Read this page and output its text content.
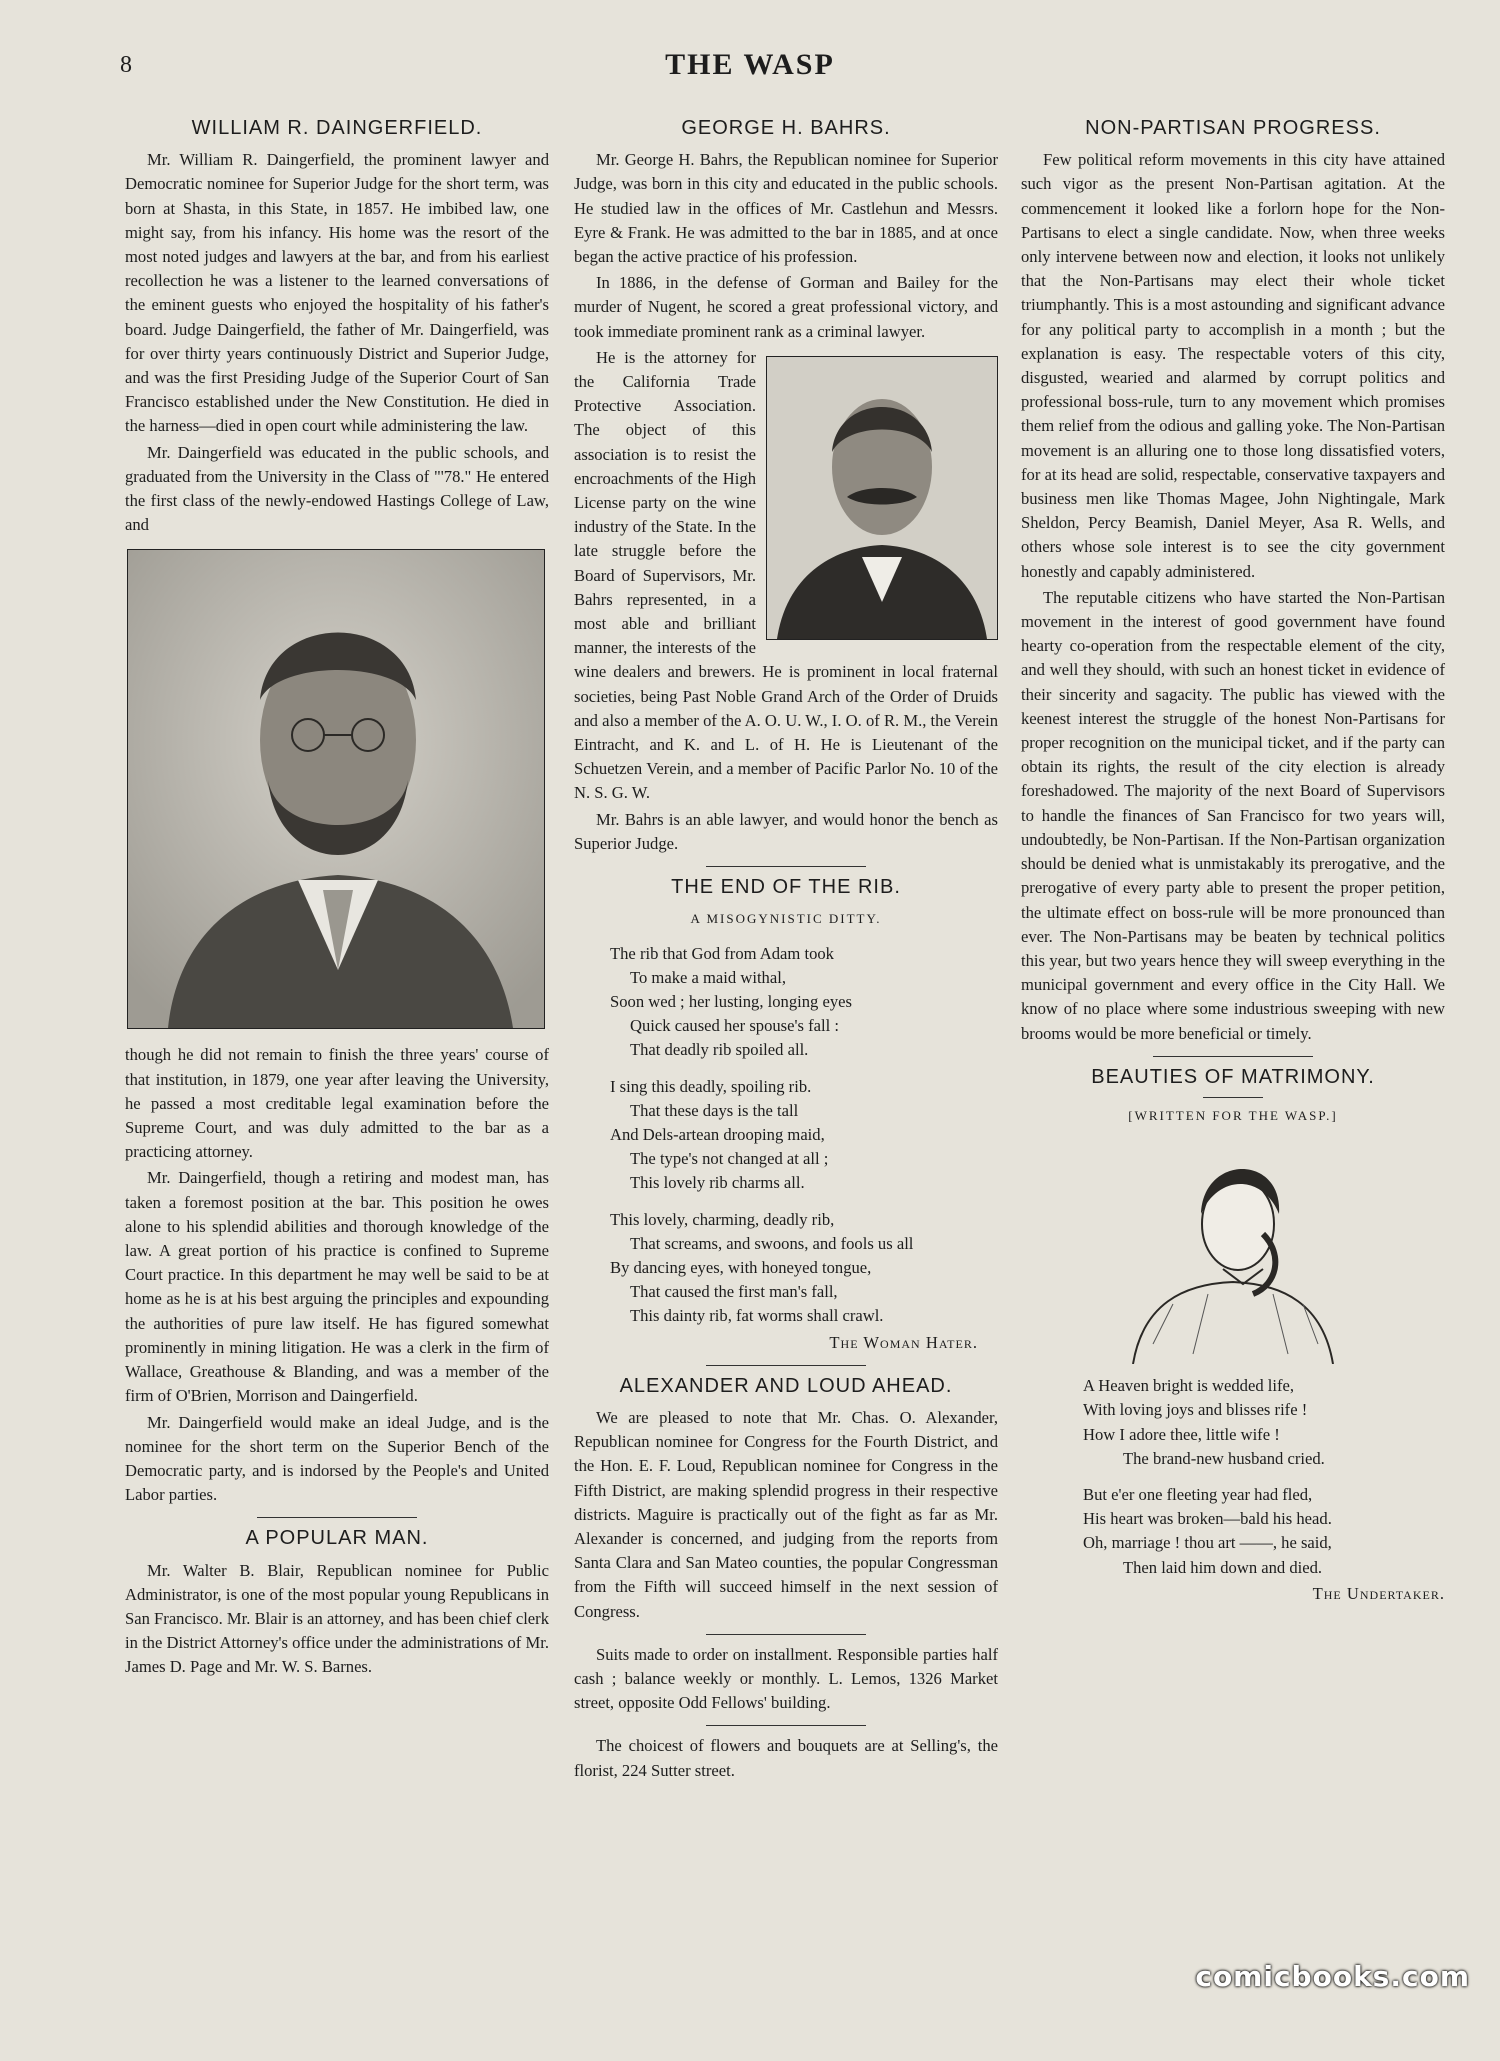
8	THE WASP
WILLIAM R. DAINGERFIELD.

Mr. William R. Daingerfield, the prominent lawyer and Democratic nominee for Superior Judge for the short term, was born at Shasta, in this State, in 1857. He imbibed law, one might say, from his infancy. His home was the resort of the most noted judges and lawyers at the bar, and from his earliest recollection he was a listener to the learned conversations of the eminent guests who enjoyed the hospitality of his father's board. Judge Daingerfield, the father of Mr. Daingerfield, was for over thirty years continuously District and Superior Judge, and was the first Presiding Judge of the Superior Court of San Francisco established under the New Constitution. He died in the harness—died in open court while administering the law.

Mr. Daingerfield was educated in the public schools, and graduated from the University in the Class of "'78." He entered the first class of the newly-endowed Hastings College of Law, and

though he did not remain to finish the three years' course of that institution, in 1879, one year after leaving the University, he passed a most creditable legal examination before the Supreme Court, and was duly admitted to the bar as a practicing attorney.

Mr. Daingerfield, though a retiring and modest man, has taken a foremost position at the bar. This position he owes alone to his splendid abilities and thorough knowledge of the law. A great portion of his practice is confined to Supreme Court practice. In this department he may well be said to be at home as he is at his best arguing the principles and expounding the authorities of pure law itself. He has figured somewhat prominently in mining litigation. He was a clerk in the firm of Wallace, Greathouse & Blanding, and was a member of the firm of O'Brien, Morrison and Daingerfield.

Mr. Daingerfield would make an ideal Judge, and is the nominee for the short term on the Superior Bench of the Democratic party, and is indorsed by the People's and United Labor parties.

A POPULAR MAN.

Mr. Walter B. Blair, Republican nominee for Public Administrator, is one of the most popular young Republicans in San Francisco. Mr. Blair is an attorney, and has been chief clerk in the District Attorney's office under the administrations of Mr. James D. Page and Mr. W. S. Barnes.

GEORGE H. BAHRS.

Mr. George H. Bahrs, the Republican nominee for Superior Judge, was born in this city and educated in the public schools. He studied law in the offices of Mr. Castlehun and Messrs. Eyre & Frank. He was admitted to the bar in 1885, and at once began the active practice of his profession.

In 1886, in the defense of Gorman and Bailey for the murder of Nugent, he scored a great professional victory, and took immediate prominent rank as a criminal lawyer.

He is the attorney for the California Trade Protective Association. The object of this association is to resist the encroachments of the High License party on the wine industry of the State. In the late struggle before the Board of Supervisors, Mr. Bahrs represented, in a most able and brilliant manner, the interests of the wine dealers and brewers. He is prominent in local fraternal societies, being Past Noble Grand Arch of the Order of Druids and also a member of the A. O. U. W., I. O. of R. M., the Verein Eintracht, and K. and L. of H. He is Lieutenant of the Schuetzen Verein, and a member of Pacific Parlor No. 10 of the N. S. G. W.

Mr. Bahrs is an able lawyer, and would honor the bench as Superior Judge.

THE END OF THE RIB.
A MISOGYNISTIC DITTY.
The rib that God from Adam took
To make a maid withal,
Soon wed ; her lusting, longing eyes
Quick caused her spouse's fall :
That deadly rib spoiled all.
I sing this deadly, spoiling rib.
That these days is the tall
And Dels-artean drooping maid,
The type's not changed at all ;
This lovely rib charms all.
This lovely, charming, deadly rib,
That screams, and swoons, and fools us all
By dancing eyes, with honeyed tongue,
That caused the first man's fall,
This dainty rib, fat worms shall crawl.
The Woman Hater.
ALEXANDER AND LOUD AHEAD.

We are pleased to note that Mr. Chas. O. Alexander, Republican nominee for Congress for the Fourth District, and the Hon. E. F. Loud, Republican nominee for Congress in the Fifth District, are making splendid progress in their respective districts. Maguire is practically out of the fight as far as Mr. Alexander is concerned, and judging from the reports from Santa Clara and San Mateo counties, the popular Congressman from the Fifth will succeed himself in the next session of Congress.

Suits made to order on installment. Responsible parties half cash ; balance weekly or monthly. L. Lemos, 1326 Market street, opposite Odd Fellows' building.

The choicest of flowers and bouquets are at Selling's, the florist, 224 Sutter street.

NON-PARTISAN PROGRESS.

Few political reform movements in this city have attained such vigor as the present Non-Partisan agitation. At the commencement it looked like a forlorn hope for the Non-Partisans to elect a single candidate. Now, when three weeks only intervene between now and election, it looks not unlikely that the Non-Partisans may elect their whole ticket triumphantly. This is a most astounding and significant advance for any political party to accomplish in a month ; but the explanation is easy. The respectable voters of this city, disgusted, wearied and alarmed by corrupt politics and professional boss-rule, turn to any movement which promises them relief from the odious and galling yoke. The Non-Partisan movement is an alluring one to those long dissatisfied voters, for at its head are solid, respectable, conservative taxpayers and business men like Thomas Magee, John Nightingale, Mark Sheldon, Percy Beamish, Daniel Meyer, Asa R. Wells, and others whose sole interest is to see the city government honestly and capably administered.

The reputable citizens who have started the Non-Partisan movement in the interest of good government have found hearty co-operation from the respectable element of the city, and well they should, with such an honest ticket in evidence of their sincerity and sagacity. The public has viewed with the keenest interest the struggle of the honest Non-Partisans for proper recognition on the municipal ticket, and if the party can obtain its rights, the result of the city election is already foreshadowed. The majority of the next Board of Supervisors to handle the finances of San Francisco for two years will, undoubtedly, be Non-Partisan. If the Non-Partisan organization should be denied what is unmistakably its prerogative, and the prerogative of every party able to present the proper petition, the ultimate effect on boss-rule will be more pronounced than ever. The Non-Partisans may be beaten by technical politics this year, but two years hence they will sweep everything in the municipal government and every office in the City Hall. We know of no place where some industrious sweeping with new brooms would be more beneficial or timely.

BEAUTIES OF MATRIMONY.
[WRITTEN FOR THE WASP.]
A Heaven bright is wedded life,
With loving joys and blisses rife !
How I adore thee, little wife !
The brand-new husband cried.
But e'er one fleeting year had fled,
His heart was broken—bald his head.
Oh, marriage ! thou art ——, he said,
Then laid him down and died.
The Undertaker.
comicbooks.com
